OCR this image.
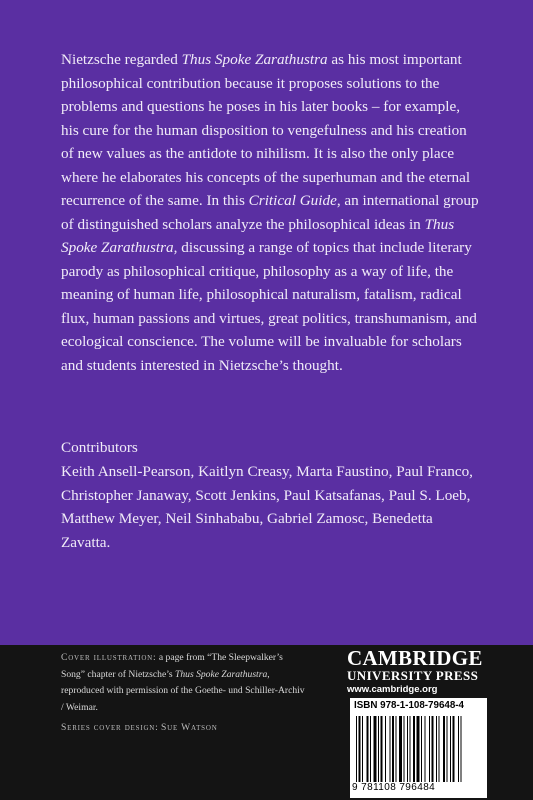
Nietzsche regarded Thus Spoke Zarathustra as his most important philosophical contribution because it proposes solutions to the problems and questions he poses in his later books – for example, his cure for the human disposition to vengefulness and his creation of new values as the antidote to nihilism. It is also the only place where he elaborates his concepts of the superhuman and the eternal recurrence of the same. In this Critical Guide, an international group of distinguished scholars analyze the philosophical ideas in Thus Spoke Zarathustra, discussing a range of topics that include literary parody as philosophical critique, philosophy as a way of life, the meaning of human life, philosophical naturalism, fatalism, radical flux, human passions and virtues, great politics, transhumanism, and ecological conscience. The volume will be invaluable for scholars and students interested in Nietzsche’s thought.

Contributors

Keith Ansell-Pearson, Kaitlyn Creasy, Marta Faustino, Paul Franco, Christopher Janaway, Scott Jenkins, Paul Katsafanas, Paul S. Loeb, Matthew Meyer, Neil Sinhababu, Gabriel Zamosc, Benedetta Zavatta.

Cover illustration: a page from “The Sleepwalker’s Song” chapter of Nietzsche’s Thus Spoke Zarathustra, reproduced with permission of the Goethe- und Schiller-Archiv / Weimar.

Series cover design: Sue Watson

CAMBRIDGE
UNIVERSITY PRESS
www.cambridge.org
ISBN 978-1-108-79648-4
9 781108 796484
